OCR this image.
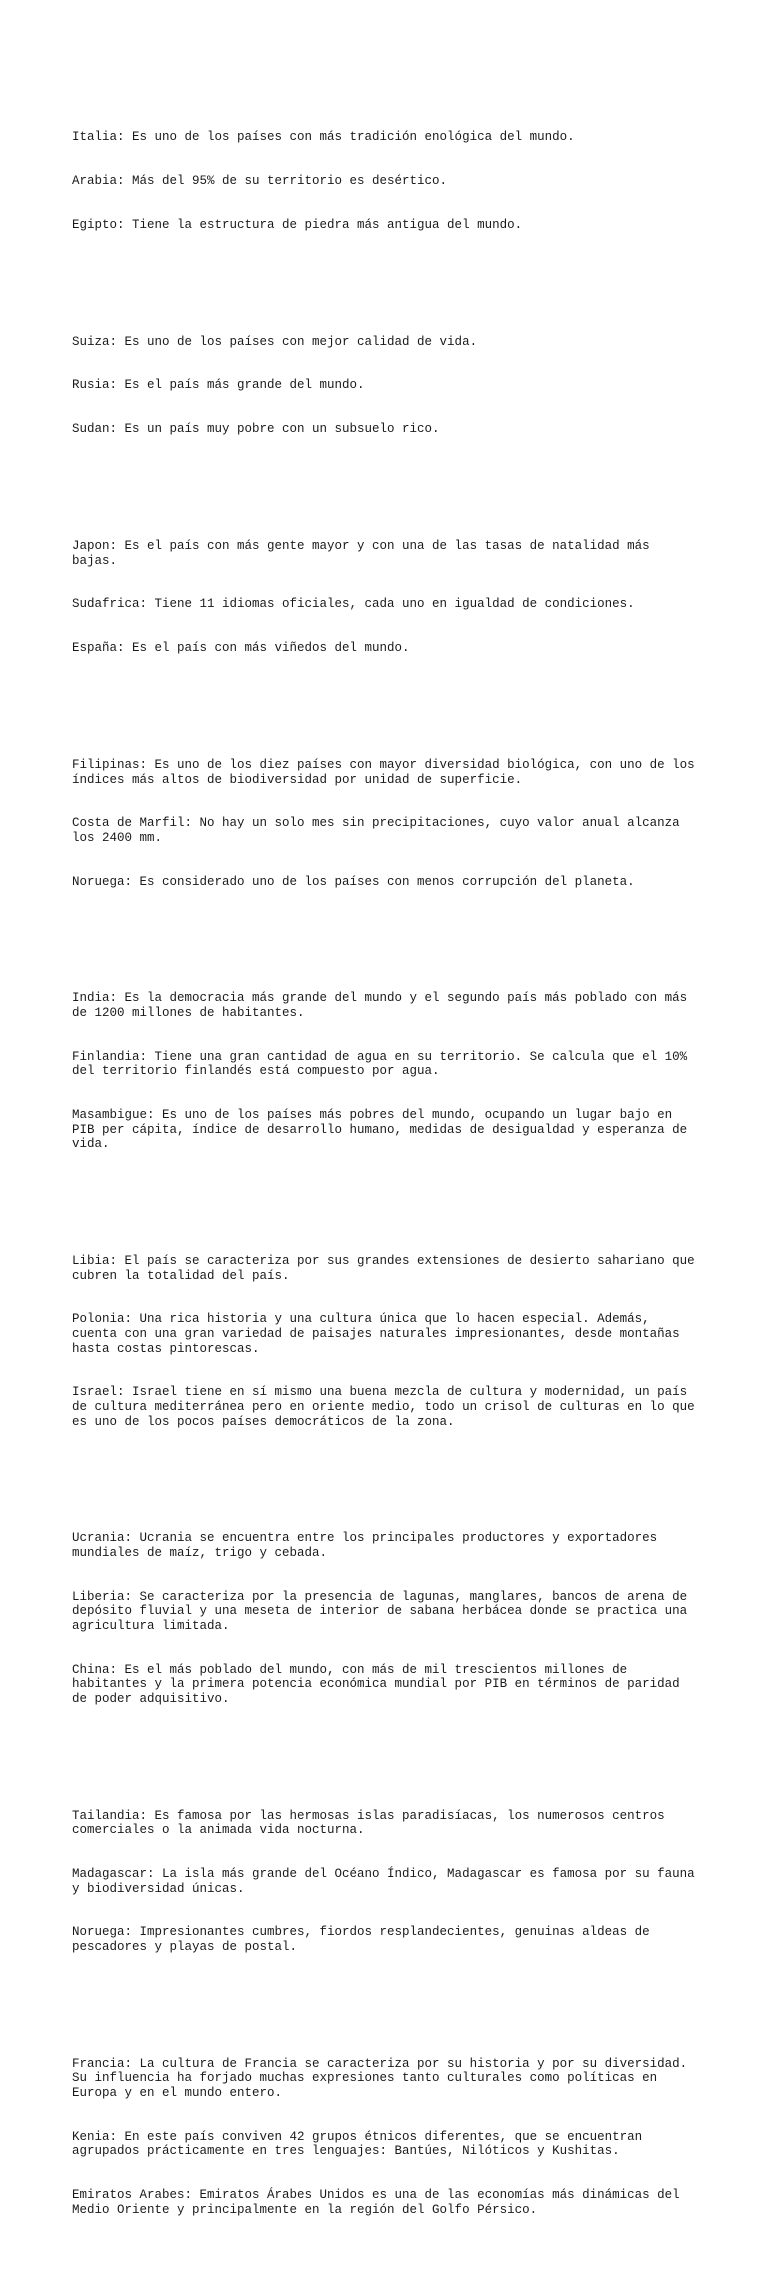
Italia: Es uno de los países con más tradición enológica del mundo.

Arabia: Más del 95% de su territorio es desértico.

Egipto: Tiene la estructura de piedra más antigua del mundo.

Suiza: Es uno de los países con mejor calidad de vida.

Rusia: Es el país más grande del mundo.

Sudan: Es un país muy pobre con un subsuelo rico.

Japon: Es el país con más gente mayor y con una de las tasas de natalidad más bajas.

Sudafrica: Tiene 11 idiomas oficiales, cada uno en igualdad de condiciones.

España: Es el país con más viñedos del mundo.

Filipinas: Es uno de los diez países con mayor diversidad biológica, con uno de los índices más altos de biodiversidad por unidad de superficie.

Costa de Marfil: No hay un solo mes sin precipitaciones, cuyo valor anual alcanza los 2400 mm.

Noruega: Es considerado uno de los países con menos corrupción del planeta.

India: Es la democracia más grande del mundo y el segundo país más poblado con más de 1200 millones de habitantes.

Finlandia: Tiene una gran cantidad de agua en su territorio. Se calcula que el 10% del territorio finlandés está compuesto por agua.

Masambigue: Es uno de los países más pobres del mundo, ocupando un lugar bajo en PIB per cápita, índice de desarrollo humano, medidas de desigualdad y esperanza de vida.

Libia: El país se caracteriza por sus grandes extensiones de desierto sahariano que cubren la totalidad del país.

Polonia: Una rica historia y una cultura única que lo hacen especial. Además, cuenta con una gran variedad de paisajes naturales impresionantes, desde montañas hasta costas pintorescas.

Israel: Israel tiene en sí mismo una buena mezcla de cultura y modernidad, un país de cultura mediterránea pero en oriente medio, todo un crisol de culturas en lo que es uno de los pocos países democráticos de la zona.

Ucrania: Ucrania se encuentra entre los principales productores y exportadores mundiales de maíz, trigo y cebada.

Liberia: Se caracteriza por la presencia de lagunas, manglares, bancos de arena de depósito fluvial y una meseta de interior de sabana herbácea donde se practica una agricultura limitada.

China: Es el más poblado del mundo, con más de mil trescientos millones de habitantes y la primera potencia económica mundial por PIB en términos de paridad de poder adquisitivo.

Tailandia: Es famosa por las hermosas islas paradisíacas, los numerosos centros comerciales o la animada vida nocturna.

Madagascar: La isla más grande del Océano Índico, Madagascar es famosa por su fauna y biodiversidad únicas.

Noruega: Impresionantes cumbres, fiordos resplandecientes, genuinas aldeas de pescadores y playas de postal.

Francia: La cultura de Francia se caracteriza por su historia y por su diversidad. Su influencia ha forjado muchas expresiones tanto culturales como políticas en Europa y en el mundo entero.

Kenia: En este país conviven 42 grupos étnicos diferentes, que se encuentran agrupados prácticamente en tres lenguajes: Bantúes, Nilóticos y Kushitas.

Emiratos Arabes: Emiratos Árabes Unidos es una de las economías más dinámicas del Medio Oriente y principalmente en la región del Golfo Pérsico.
